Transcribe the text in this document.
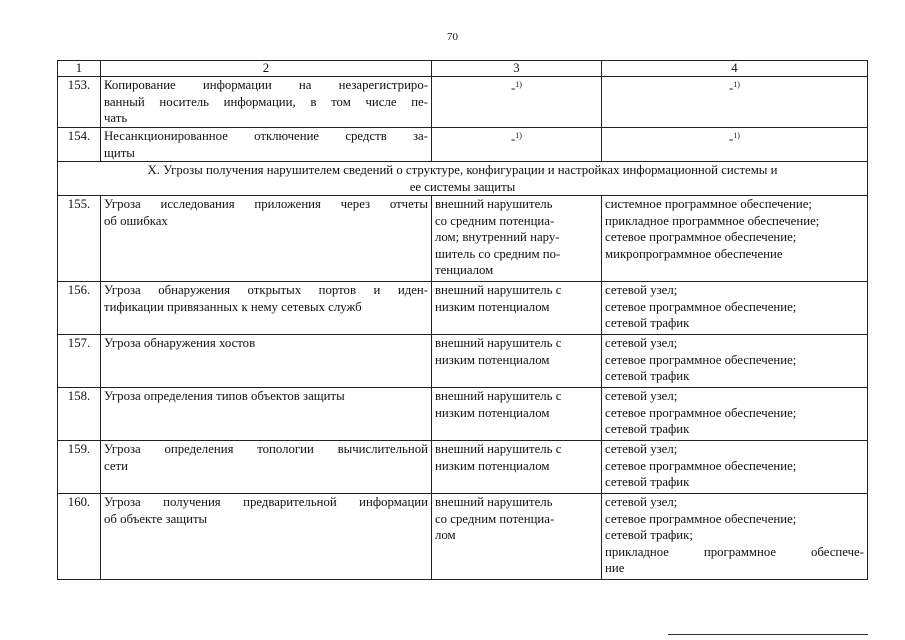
70
1	2	3	4
153.	Копирование информации на незарегистриро-
ванный носитель информации, в том числе пе-
чать	-$^{1)}$	-$^{1)}$
154.	Несанкционированное отключение средств за-
щиты	-$^{1)}$	-$^{1)}$

X. Угрозы получения нарушителем сведений о структуре, конфигурации и настройках информационной системы и
ее системы защиты			

155.	Угроза исследования приложения через отчеты
об ошибках	внешний нарушитель
со средним потенциа-
лом; внутренний нару-
шитель со средним по-
тенциалом	системное программное обеспечение;
прикладное программное обеспечение;
сетевое программное обеспечение;
микропрограммное обеспечение

156.	Угроза обнаружения открытых портов и иден-
тификации привязанных к нему сетевых служб	внешний нарушитель с
низким потенциалом	сетевой узел;
сетевое программное обеспечение;
сетевой трафик

157.	Угроза обнаружения хостов	внешний нарушитель с
низким потенциалом	сетевой узел;
сетевое программное обеспечение;
сетевой трафик

158.	Угроза определения типов объектов защиты	внешний нарушитель с
низким потенциалом	сетевой узел;
сетевое программное обеспечение;
сетевой трафик

159.	Угроза определения топологии вычислительной
сети	внешний нарушитель с
низким потенциалом	сетевой узел;
сетевое программное обеспечение;
сетевой трафик

160.	Угроза получения предварительной информации
об объекте защиты	внешний нарушитель
со средним потенциа-
лом	сетевой узел;
сетевое программное обеспечение;
сетевой трафик;
прикладное программное обеспече-
ние
